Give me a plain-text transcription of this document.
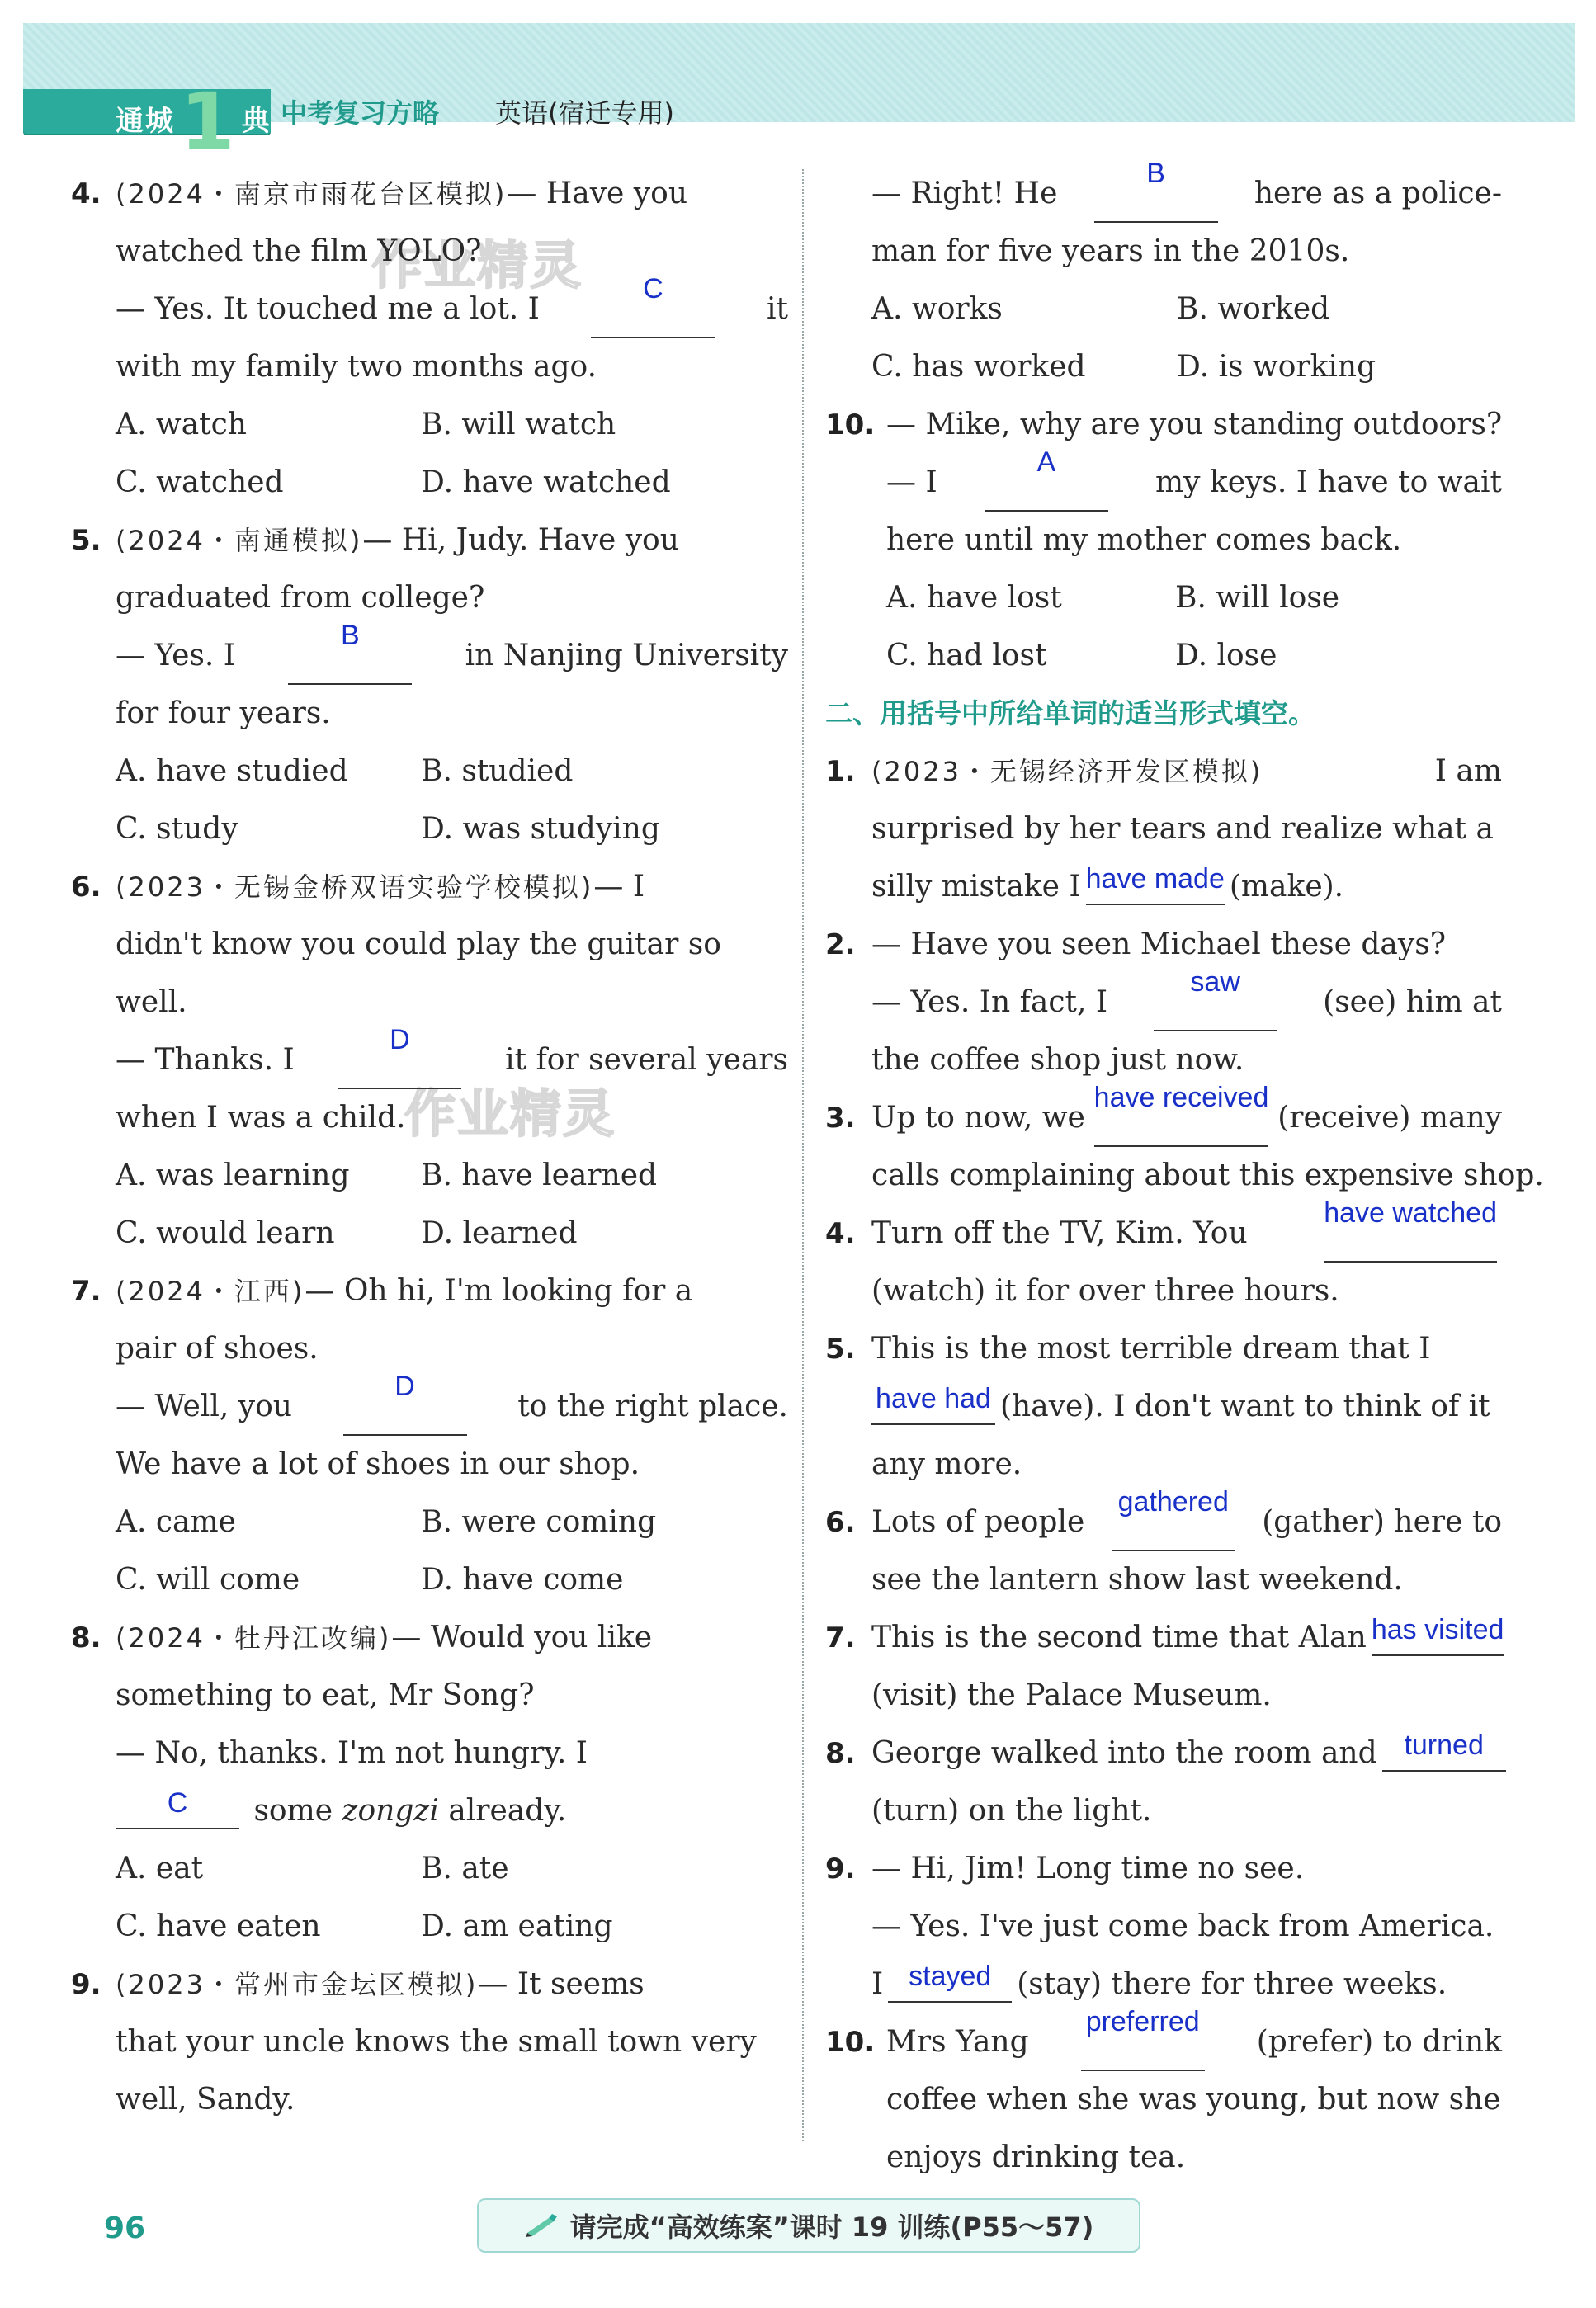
通城1 典 中考复习方略 英语(宿迁专用)
作业精灵
作业精灵
4. (2024・南京市雨花台区模拟)— Have you
watched the film YOLO?
— Yes. It touched me a lot. I
C
it
with my family two months ago.
A. watch	B. will watch
C. watched	D. have watched
5. (2024・南通模拟)— Hi, Judy. Have you
graduated from college?
— Yes. I
B
in Nanjing University
for four years.
A. have studied	B. studied
C. study	D. was studying
6. (2023・无锡金桥双语实验学校模拟)— I
didn't know you could play the guitar so
well.
— Thanks. I
D
it for several years
when I was a child.
A. was learning	B. have learned
C. would learn	D. learned
7. (2024・江西)— Oh hi, I'm looking for a
pair of shoes.
— Well, you
D
to the right place.
We have a lot of shoes in our shop.
A. came	B. were coming
C. will come	D. have come
8. (2024・牡丹江改编)— Would you like
something to eat, Mr Song?
— No, thanks. I'm not hungry. I
C some zongzi already.
A. eat	B. ate
C. have eaten	D. am eating
9. (2023・常州市金坛区模拟)— It seems
that your uncle knows the small town very
well, Sandy.
— Right! He
B
here as a police-
man for five years in the 2010s.
A. works	B. worked
C. has worked	D. is working
10. — Mike, why are you standing outdoors?
— I
A
my keys. I have to wait
here until my mother comes back.
A. have lost	B. will lose
C. had lost	D. lose
二、用括号中所给单词的适当形式填空。
1. (2023・无锡经济开发区模拟)	I am
surprised by her tears and realize what a
silly mistake I have made (make).
2. — Have you seen Michael these days?
— Yes. In fact, I
saw
(see) him at
the coffee shop just now.
3. Up to now, we
have received
(receive) many
calls complaining about this expensive shop.
4. Turn off the TV, Kim. You
have watched
(watch) it for over three hours.
5. This is the most terrible dream that I
have had (have). I don't want to think of it
any more.
6. Lots of people
gathered
(gather) here to
see the lantern show last weekend.
7. This is the second time that Alan has visited
(visit) the Palace Museum.
8. George walked into the room and turned
(turn) on the light.
9. — Hi, Jim! Long time no see.
— Yes. I've just come back from America.
I stayed (stay) there for three weeks.
10. Mrs Yang
preferred
(prefer) to drink
coffee when she was young, but now she
enjoys drinking tea.
96	请完成“高效练案”课时 19 训练(P55～57)
